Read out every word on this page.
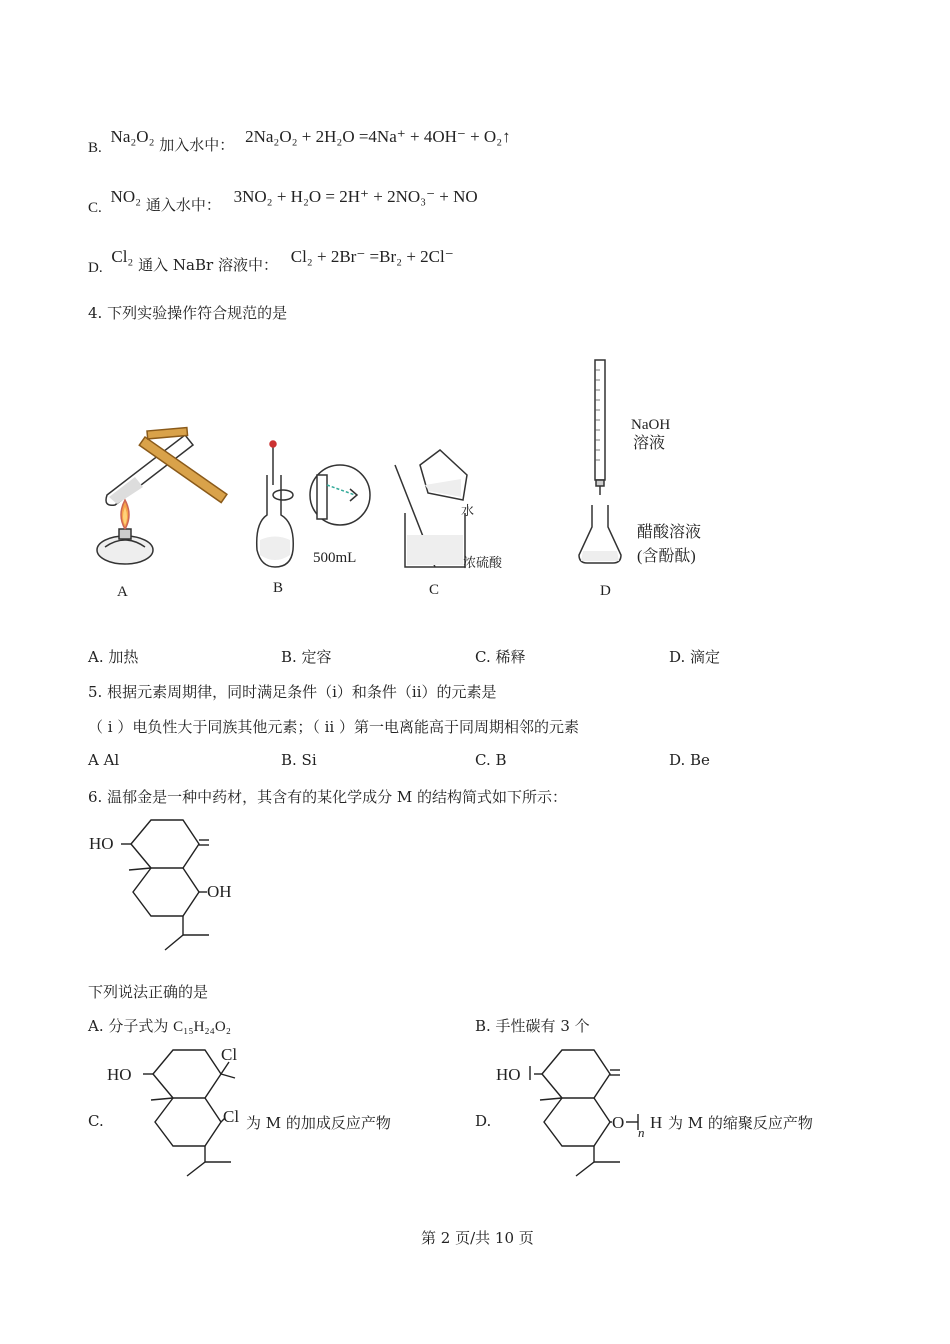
B. Na₂O₂ 加入水中： 2Na₂O₂ + 2H₂O =4Na⁺ + 4OH⁻ + O₂↑
C. NO₂ 通入水中： 3NO₂ + H₂O = 2H⁺ + 2NO₃⁻ + NO
D. Cl₂ 通入 NaBr 溶液中： Cl₂ + 2Br⁻ =Br₂ + 2Cl⁻
4. 下列实验操作符合规范的是
A
500mL
B
水
浓硫酸
C
NaOH
溶液
醋酸溶液
(含酚酞)
D
A. 加热	B. 定容	C. 稀释	D. 滴定
5. 根据元素周期律，同时满足条件（ⅰ）和条件（ⅱ）的元素是
（ ⅰ ）电负性大于同族其他元素；（ ⅱ ）第一电离能高于同周期相邻的元素
A Al	B. Si	C. B	D. Be
6. 温郁金是一种中药材，其含有的某化学成分 M 的结构简式如下所示：
HO
OH
下列说法正确的是
A. 分子式为 C₁₅H₂₄O₂	B. 手性碳有 3 个
C.
HO
Cl
Cl 为 M 的加成反应产物	D.
HO
O
n
H 为 M 的缩聚反应产物
第 2 页/共 10 页
